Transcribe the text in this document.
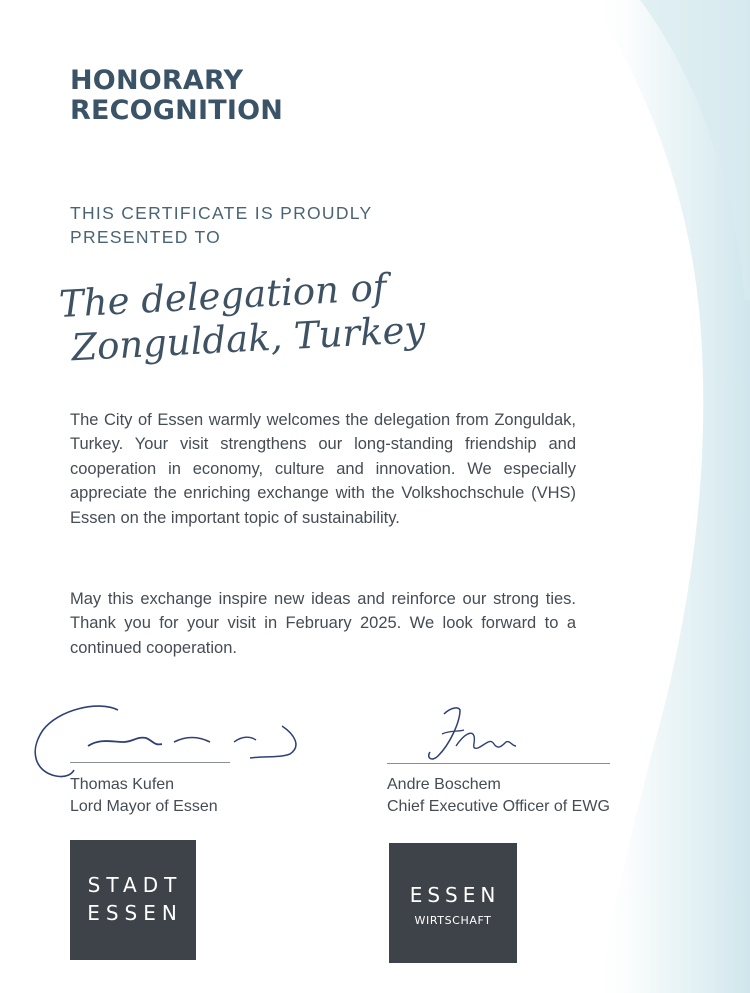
HONORARY
RECOGNITION
THIS CERTIFICATE IS PROUDLY
PRESENTED TO
The delegation of
Zonguldak, Turkey

The City of Essen warmly welcomes the delegation from Zonguldak, Turkey. Your visit strengthens our long-standing friendship and cooperation in economy, culture and innovation. We especially appreciate the enriching exchange with the Volkshochschule (VHS) Essen on the important topic of sustainability.

May this exchange inspire new ideas and reinforce our strong ties. Thank you for your visit in February 2025. We look forward to a continued cooperation.

Thomas Kufen
Lord Mayor of Essen
Andre Boschem
Chief Executive Officer of EWG
STADT
ESSEN
ESSEN
WIRTSCHAFT
